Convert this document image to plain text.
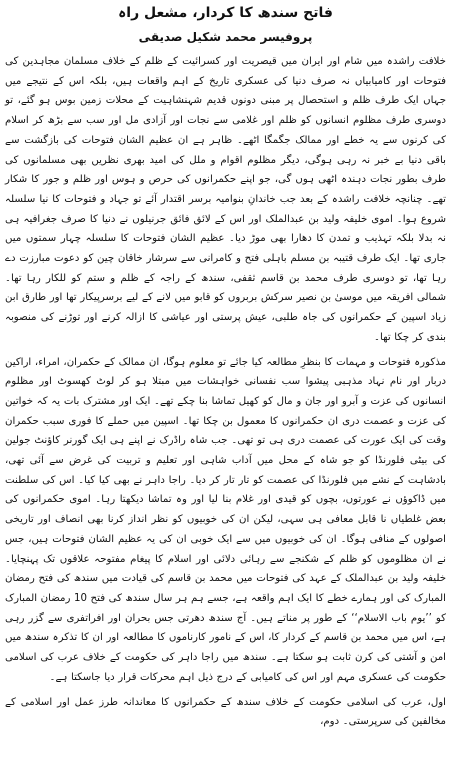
فاتح سندھ کا کردار، مشعل راہ
پروفیسر محمد شکیل صدیقی

خلافت راشدہ میں شام اور ایران میں قیصریت اور کسرائیت کے ظلم کے خلاف مسلمان مجاہدین کی فتوحات اور کامیابیاں نہ صرف دنیا کی عسکری تاریخ کے اہم واقعات ہیں، بلکہ اس کے نتیجے میں جہاں ایک طرف ظلم و استحصال پر مبنی دونوں قدیم شہنشاہیت کے محلات زمین بوس ہو گئے، تو دوسری طرف مظلوم انسانوں کو ظلم اور غلامی سے نجات اور آزادی مل اور سب سے بڑھ کر اسلام کی کرنوں سے یہ خطے اور ممالک جگمگا اٹھے۔ ظاہر ہے ان عظیم الشان فتوحات کی بازگشت سے باقی دنیا بے خبر نہ رہی ہوگی، دیگر مظلوم اقوام و ملل کی امید بھری نظریں بھی مسلمانوں کی طرف بطور نجات دہندہ اٹھی ہوں گی، جو اپنے حکمرانوں کی حرص و ہوس اور ظلم و جور کا شکار تھے۔ چنانچہ خلافت راشدہ کے بعد جب خاندانِ بنوامیہ برسر اقتدار آئے تو جہاد و فتوحات کا نیا سلسلہ شروع ہوا۔ اموی خلیفہ ولید بن عبدالملک اور اس کے لائق فائق جرنیلوں نے دنیا کا صرف جغرافیہ ہی نہ بدلا بلکہ تہذیب و تمدن کا دھارا بھی موڑ دیا۔ عظیم الشان فتوحات کا سلسلہ چہار سمتوں میں جاری تھا۔ ایک طرف قتیبہ بن مسلم باہلی فتح و کامرانی سے سرشار خاقان چین کو دعوت مبارزت دے رہا تھا، تو دوسری طرف محمد بن قاسم ثقفی، سندھ کے راجہ کے ظلم و ستم کو للکار رہا تھا۔ شمالی افریقہ میں موسیٰ بن نصیر سرکش بربروں کو قابو میں لانے کے لیے برسرپیکار تھا اور طارق ابن زیاد اسپین کے حکمرانوں کی جاہ طلبی، عیش پرستی اور عیاشی کا ازالہ کرنے اور توڑنے کی منصوبہ بندی کر چکا تھا۔

مذکورہ فتوحات و مہمات کا بنظرِ مطالعہ کیا جائے تو معلوم ہوگا، ان ممالک کے حکمران، امراء، اراکین دربار اور نام نہاد مذہبی پیشوا سب نفسانی خواہشات میں مبتلا ہو کر لوٹ کھسوٹ اور مظلوم انسانوں کی عزت و آبرو اور جان و مال کو کھیل تماشا بنا چکے تھے۔ ایک اور مشترک بات یہ کہ خواتین کی عزت و عصمت دری ان حکمرانوں کا معمول بن چکا تھا۔ اسپین میں حملے کا فوری سبب حکمران وقت کی ایک عورت کی عصمت دری ہی تو تھی۔ جب شاہ راڈرک نے اپنے ہی ایک گورنر کاؤنٹ جولین کی بیٹی فلورنڈا کو جو شاہ کے محل میں آداب شاہی اور تعلیم و تربیت کی غرض سے آئی تھی، بادشاہت کے نشے میں فلورنڈا کی عصمت کو تار تار کر دیا۔ راجا داہر نے بھی کیا کیا۔ اس کی سلطنت میں ڈاکوؤں نے عورتوں، بچوں کو قیدی اور غلام بنا لیا اور وہ تماشا دیکھتا رہا۔ اموی حکمرانوں کی بعض غلطیاں نا قابل معافی ہی سہی، لیکن ان کی خوبیوں کو نظر انداز کرنا بھی انصاف اور تاریخی اصولوں کے منافی ہوگا۔ ان کی خوبیوں میں سے ایک خوبی ان کی یہ عظیم الشان فتوحات ہیں، جس نے ان مظلوموں کو ظلم کے شکنجے سے رہائی دلائی اور اسلام کا پیغام مفتوحہ علاقوں تک پہنچایا۔ خلیفہ ولید بن عبدالملک کے عہد کی فتوحات میں محمد بن قاسم کی قیادت میں سندھ کی فتح رمضان المبارک کی اور ہمارے خطے کا ایک اہم واقعہ ہے، جسے ہم ہر سال سندھ کی فتح 10 رمضان المبارک کو ’’یوم باب الاسلام‘‘ کے طور پر مناتے ہیں۔ آج سندھ دھرتی جس بحران اور افراتفری سے گزر رہی ہے، اس میں محمد بن قاسم کے کردار کا، اس کے نامور کارناموں کا مطالعہ اور ان کا تذکرہ سندھ میں امن و آشتی کی کرن ثابت ہو سکتا ہے۔ سندھ میں راجا داہر کی حکومت کے خلاف عرب کی اسلامی حکومت کی عسکری مہم اور اس کی کامیابی کے درج ذیل اہم محرکات قرار دیا جاسکتا ہے۔

اول، عرب کی اسلامی حکومت کے خلاف سندھ کے حکمرانوں کا معاندانہ طرز عمل اور اسلامی کے مخالفین کی سرپرستی۔ دوم،
